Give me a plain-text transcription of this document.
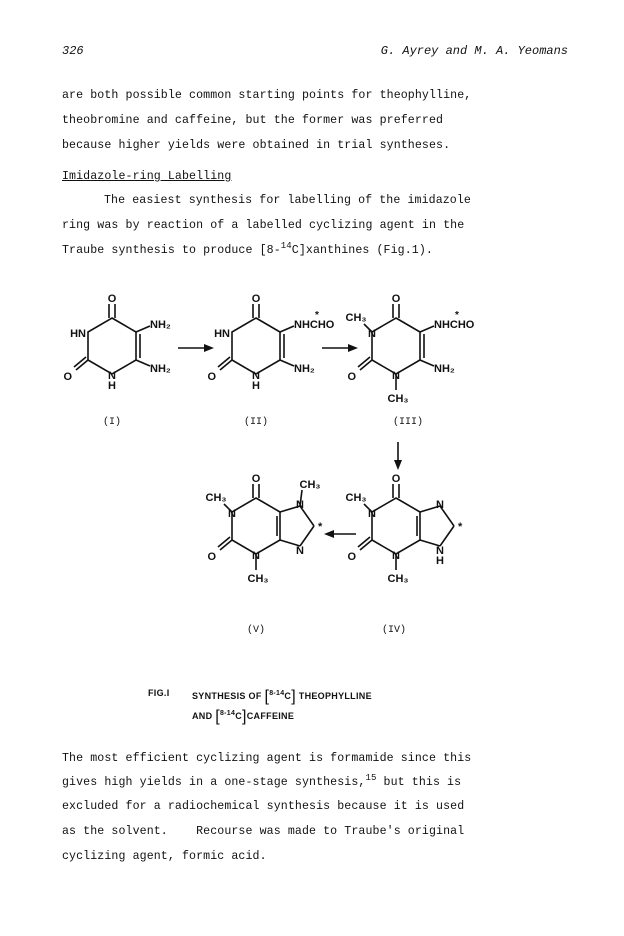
326	G. Ayrey and M. A. Yeomans
are both possible common starting points for theophylline,
theobromine and caffeine, but the former was preferred
because higher yields were obtained in trial syntheses.
Imidazole-ring Labelling
The easiest synthesis for labelling of the imidazole
ring was by reaction of a labelled cyclizing agent in the
Traube synthesis to produce [8-$^{14}$C]xanthines (Fig.1).
O
HN
N
H
NH₂
NH₂
O
O
HN
N
H
NHCHO
*
NH₂
O
O
N
CH₃
N
CH₃
NHCHO
*
NH₂
O
O
N
CH₃
N
CH₃
N
*
N
H
O
O
N
CH₃
N
CH₃
N
CH₃
N
*
O
(I)	(II)	(III)
(IV)
(V)
FIG.I	SYNTHESIS OF [$^{8-14}$C] THEOPHYLLINE
AND [$^{8-14}$C]CAFFEINE
The most efficient cyclizing agent is formamide since this
gives high yields in a one-stage synthesis,$^{15}$ but this is
excluded for a radiochemical synthesis because it is used
as the solvent.    Recourse was made to Traube's original
cyclizing agent, formic acid.
